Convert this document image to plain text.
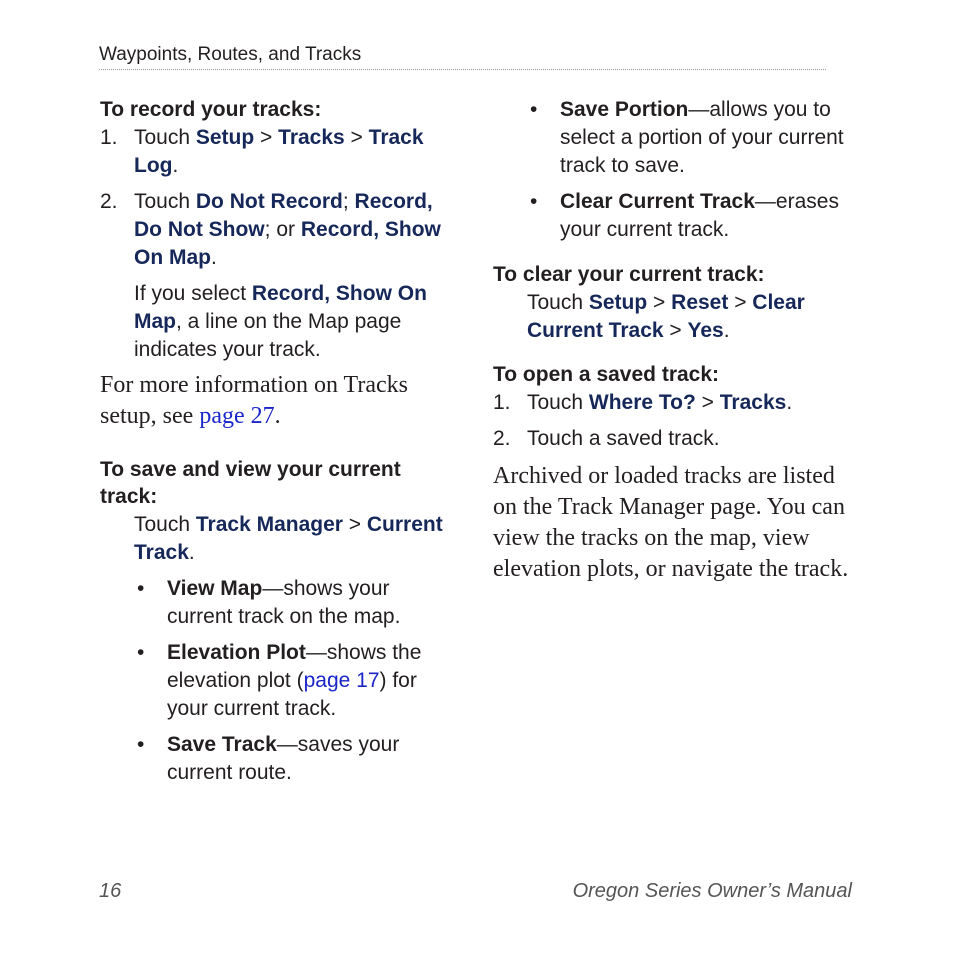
Waypoints, Routes, and Tracks

To record your tracks:

1. Touch Setup > Tracks > Track Log.

2. Touch Do Not Record; Record, Do Not Show; or Record, Show On Map.

If you select Record, Show On Map, a line on the Map page indicates your track.

For more information on Tracks setup, see page 27.

To save and view your current track:

Touch Track Manager > Current Track.

• View Map—shows your current track on the map.

• Elevation Plot—shows the elevation plot (page 17) for your current track.

• Save Track—saves your current route.

• Save Portion—allows you to select a portion of your current track to save.

• Clear Current Track—erases your current track.

To clear your current track:

Touch Setup > Reset > Clear Current Track > Yes.

To open a saved track:

1. Touch Where To? > Tracks.

2. Touch a saved track.

Archived or loaded tracks are listed on the Track Manager page. You can view the tracks on the map, view elevation plots, or navigate the track.

16	Oregon Series Owner’s Manual
